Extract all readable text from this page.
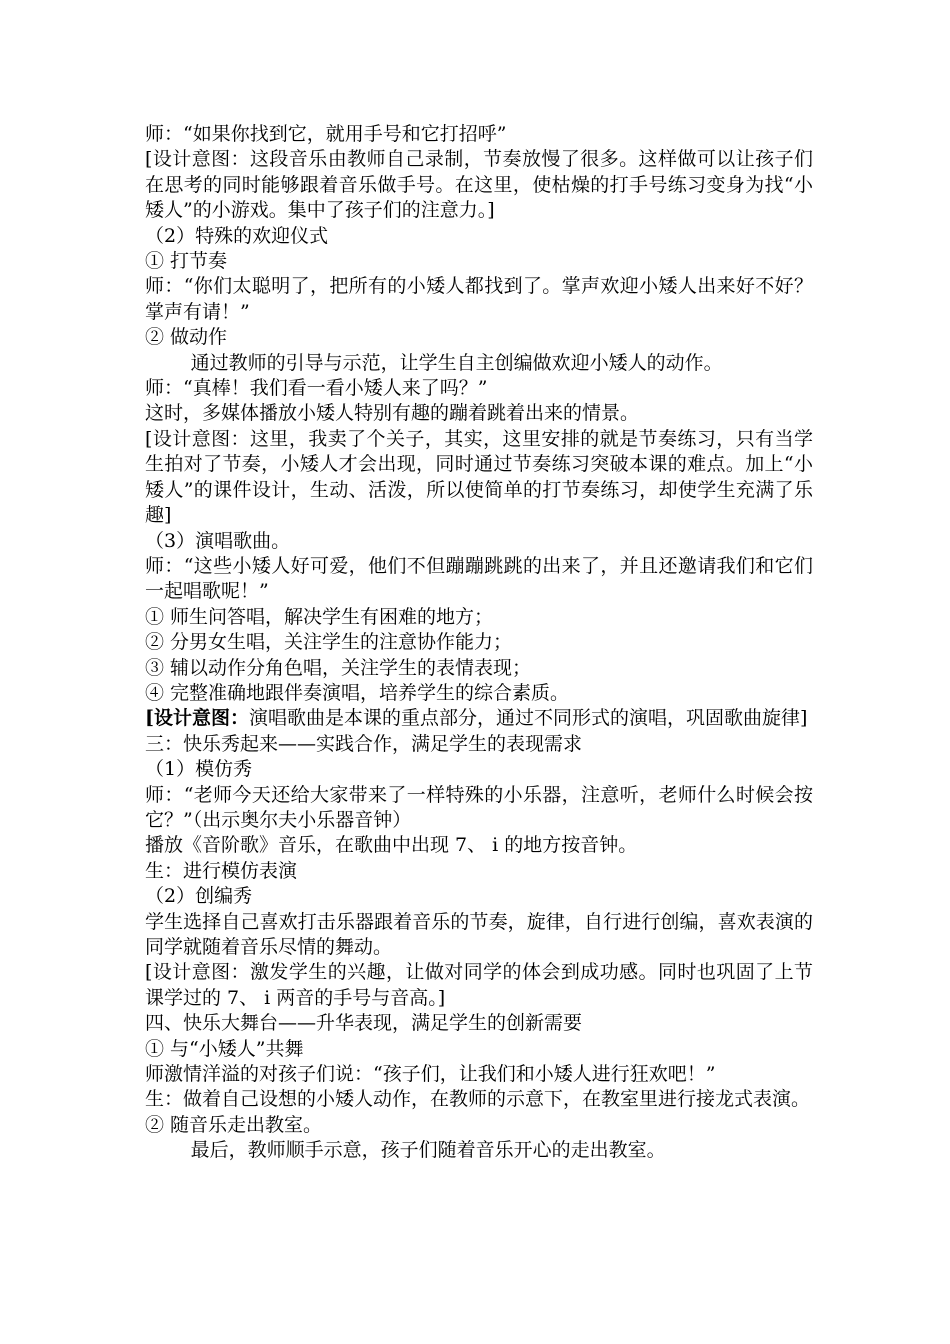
师：“如果你找到它，就用手号和它打招呼”

[设计意图：这段音乐由教师自己录制，节奏放慢了很多。这样做可以让孩子们在思考的同时能够跟着音乐做手号。在这里，使枯燥的打手号练习变身为找“小矮人”的小游戏。集中了孩子们的注意力。]

（2）特殊的欢迎仪式

① 打节奏

师：“你们太聪明了，把所有的小矮人都找到了。掌声欢迎小矮人出来好不好？掌声有请！”

② 做动作

通过教师的引导与示范，让学生自主创编做欢迎小矮人的动作。

师：“真棒！我们看一看小矮人来了吗？”

这时，多媒体播放小矮人特别有趣的蹦着跳着出来的情景。

[设计意图：这里，我卖了个关子，其实，这里安排的就是节奏练习，只有当学生拍对了节奏，小矮人才会出现，同时通过节奏练习突破本课的难点。加上“小矮人”的课件设计，生动、活泼，所以使简单的打节奏练习，却使学生充满了乐趣]

（3）演唱歌曲。

师：“这些小矮人好可爱，他们不但蹦蹦跳跳的出来了，并且还邀请我们和它们一起唱歌呢！”

① 师生问答唱，解决学生有困难的地方；

② 分男女生唱，关注学生的注意协作能力；

③ 辅以动作分角色唱，关注学生的表情表现；

④ 完整准确地跟伴奏演唱，培养学生的综合素质。

[设计意图：演唱歌曲是本课的重点部分，通过不同形式的演唱，巩固歌曲旋律]

三：快乐秀起来——实践合作，满足学生的表现需求

（1）模仿秀

师：“老师今天还给大家带来了一样特殊的小乐器，注意听，老师什么时候会按它？”（出示奥尔夫小乐器音钟）

播放《音阶歌》音乐，在歌曲中出现 7、 i 的地方按音钟。

生：进行模仿表演

（2）创编秀

学生选择自己喜欢打击乐器跟着音乐的节奏，旋律，自行进行创编，喜欢表演的同学就随着音乐尽情的舞动。

[设计意图：激发学生的兴趣，让做对同学的体会到成功感。同时也巩固了上节课学过的 7、 i 两音的手号与音高。]

四、快乐大舞台——升华表现，满足学生的创新需要

① 与“小矮人”共舞

师激情洋溢的对孩子们说：“孩子们，让我们和小矮人进行狂欢吧！”

生：做着自己设想的小矮人动作，在教师的示意下，在教室里进行接龙式表演。

② 随音乐走出教室。

最后，教师顺手示意，孩子们随着音乐开心的走出教室。
